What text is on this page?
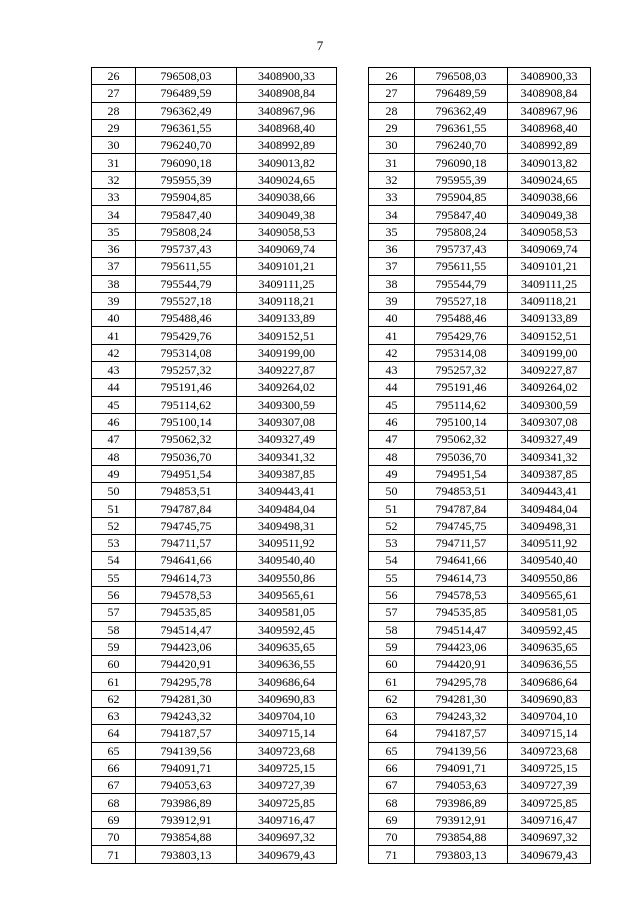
7
26	796508,03	3408900,33
27	796489,59	3408908,84
28	796362,49	3408967,96
29	796361,55	3408968,40
30	796240,70	3408992,89
31	796090,18	3409013,82
32	795955,39	3409024,65
33	795904,85	3409038,66
34	795847,40	3409049,38
35	795808,24	3409058,53
36	795737,43	3409069,74
37	795611,55	3409101,21
38	795544,79	3409111,25
39	795527,18	3409118,21
40	795488,46	3409133,89
41	795429,76	3409152,51
42	795314,08	3409199,00
43	795257,32	3409227,87
44	795191,46	3409264,02
45	795114,62	3409300,59
46	795100,14	3409307,08
47	795062,32	3409327,49
48	795036,70	3409341,32
49	794951,54	3409387,85
50	794853,51	3409443,41
51	794787,84	3409484,04
52	794745,75	3409498,31
53	794711,57	3409511,92
54	794641,66	3409540,40
55	794614,73	3409550,86
56	794578,53	3409565,61
57	794535,85	3409581,05
58	794514,47	3409592,45
59	794423,06	3409635,65
60	794420,91	3409636,55
61	794295,78	3409686,64
62	794281,30	3409690,83
63	794243,32	3409704,10
64	794187,57	3409715,14
65	794139,56	3409723,68
66	794091,71	3409725,15
67	794053,63	3409727,39
68	793986,89	3409725,85
69	793912,91	3409716,47
70	793854,88	3409697,32
71	793803,13	3409679,43
26	796508,03	3408900,33
27	796489,59	3408908,84
28	796362,49	3408967,96
29	796361,55	3408968,40
30	796240,70	3408992,89
31	796090,18	3409013,82
32	795955,39	3409024,65
33	795904,85	3409038,66
34	795847,40	3409049,38
35	795808,24	3409058,53
36	795737,43	3409069,74
37	795611,55	3409101,21
38	795544,79	3409111,25
39	795527,18	3409118,21
40	795488,46	3409133,89
41	795429,76	3409152,51
42	795314,08	3409199,00
43	795257,32	3409227,87
44	795191,46	3409264,02
45	795114,62	3409300,59
46	795100,14	3409307,08
47	795062,32	3409327,49
48	795036,70	3409341,32
49	794951,54	3409387,85
50	794853,51	3409443,41
51	794787,84	3409484,04
52	794745,75	3409498,31
53	794711,57	3409511,92
54	794641,66	3409540,40
55	794614,73	3409550,86
56	794578,53	3409565,61
57	794535,85	3409581,05
58	794514,47	3409592,45
59	794423,06	3409635,65
60	794420,91	3409636,55
61	794295,78	3409686,64
62	794281,30	3409690,83
63	794243,32	3409704,10
64	794187,57	3409715,14
65	794139,56	3409723,68
66	794091,71	3409725,15
67	794053,63	3409727,39
68	793986,89	3409725,85
69	793912,91	3409716,47
70	793854,88	3409697,32
71	793803,13	3409679,43
